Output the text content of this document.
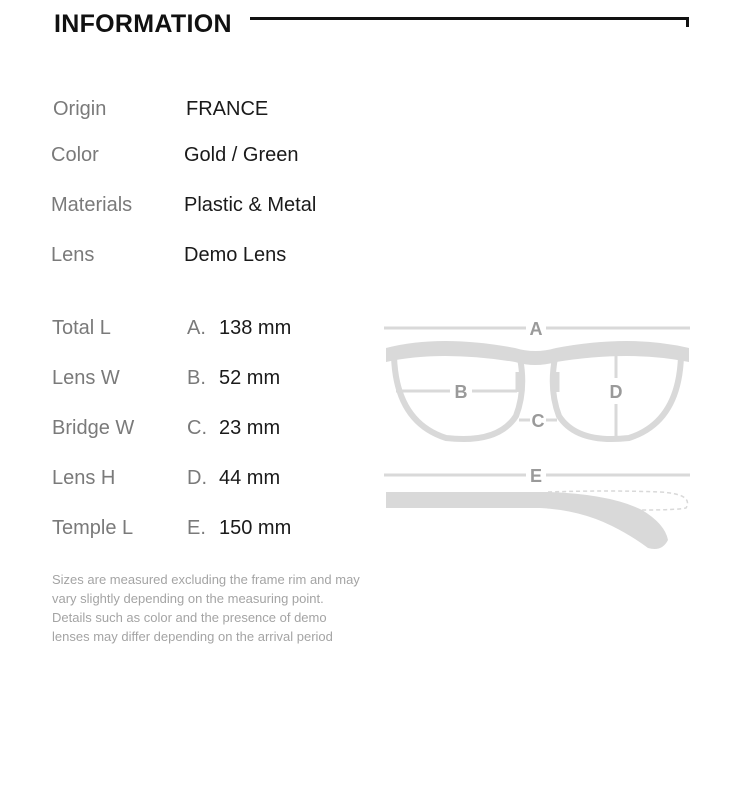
INFORMATION
Origin	FRANCE
Color	Gold / Green
Materials	Plastic & Metal
Lens	Demo Lens
Total L	A. 138 mm
Lens W	B. 52 mm
Bridge W	C. 23 mm
Lens H	D. 44 mm
Temple L	E. 150 mm
Sizes are measured excluding the frame rim and may
vary slightly depending on the measuring point.
Details such as color and the presence of demo
lenses may differ depending on the arrival period
A
B
C
D
E
